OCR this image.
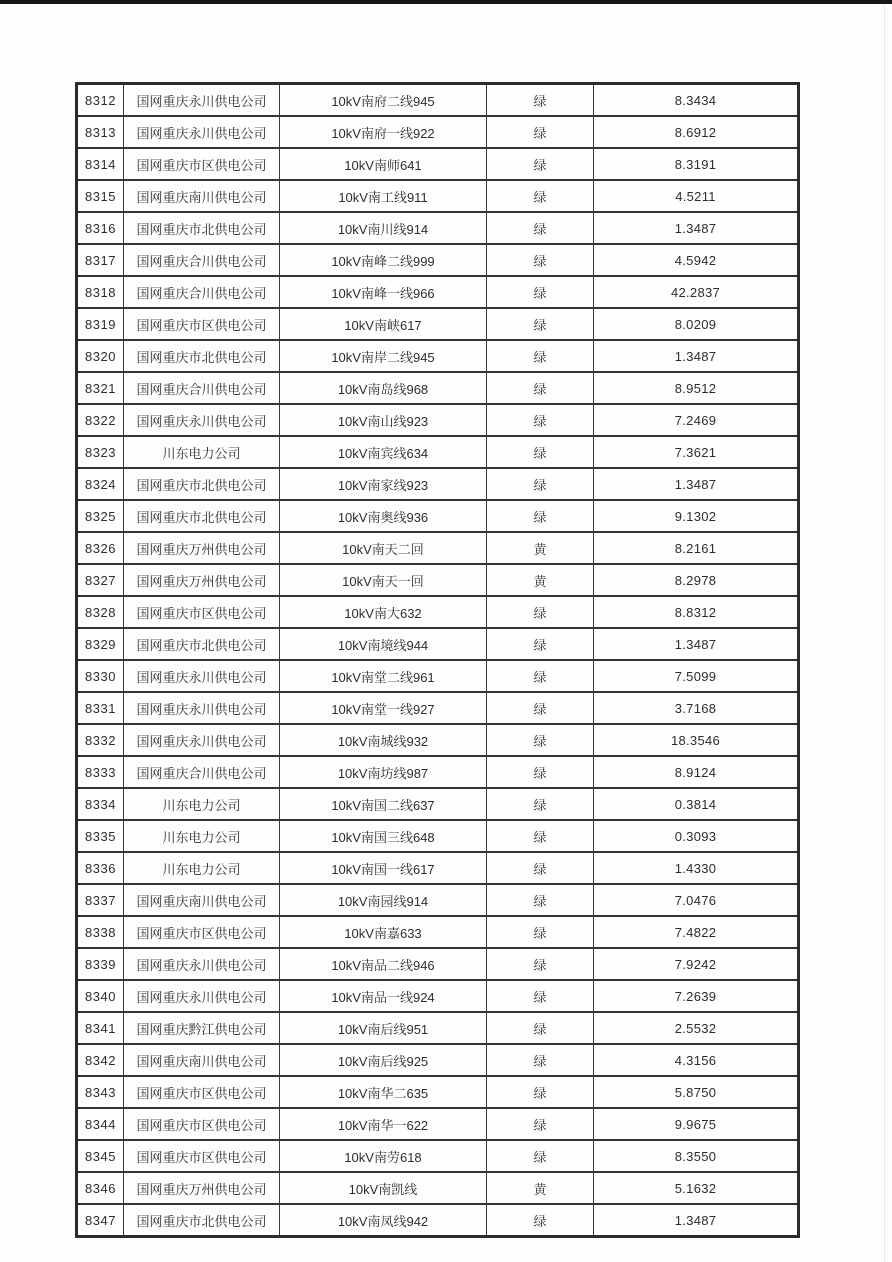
8312	国网重庆永川供电公司	10kV南府二线945	绿	8.3434
8313	国网重庆永川供电公司	10kV南府一线922	绿	8.6912
8314	国网重庆市区供电公司	10kV南师641	绿	8.3191
8315	国网重庆南川供电公司	10kV南工线911	绿	4.5211
8316	国网重庆市北供电公司	10kV南川线914	绿	1.3487
8317	国网重庆合川供电公司	10kV南峰二线999	绿	4.5942
8318	国网重庆合川供电公司	10kV南峰一线966	绿	42.2837
8319	国网重庆市区供电公司	10kV南峡617	绿	8.0209
8320	国网重庆市北供电公司	10kV南岸二线945	绿	1.3487
8321	国网重庆合川供电公司	10kV南岛线968	绿	8.9512
8322	国网重庆永川供电公司	10kV南山线923	绿	7.2469
8323	川东电力公司	10kV南宾线634	绿	7.3621
8324	国网重庆市北供电公司	10kV南家线923	绿	1.3487
8325	国网重庆市北供电公司	10kV南奥线936	绿	9.1302
8326	国网重庆万州供电公司	10kV南天二回	黄	8.2161
8327	国网重庆万州供电公司	10kV南天一回	黄	8.2978
8328	国网重庆市区供电公司	10kV南大632	绿	8.8312
8329	国网重庆市北供电公司	10kV南境线944	绿	1.3487
8330	国网重庆永川供电公司	10kV南堂二线961	绿	7.5099
8331	国网重庆永川供电公司	10kV南堂一线927	绿	3.7168
8332	国网重庆永川供电公司	10kV南城线932	绿	18.3546
8333	国网重庆合川供电公司	10kV南坊线987	绿	8.9124
8334	川东电力公司	10kV南国二线637	绿	0.3814
8335	川东电力公司	10kV南国三线648	绿	0.3093
8336	川东电力公司	10kV南国一线617	绿	1.4330
8337	国网重庆南川供电公司	10kV南园线914	绿	7.0476
8338	国网重庆市区供电公司	10kV南嘉633	绿	7.4822
8339	国网重庆永川供电公司	10kV南品二线946	绿	7.9242
8340	国网重庆永川供电公司	10kV南品一线924	绿	7.2639
8341	国网重庆黔江供电公司	10kV南后线951	绿	2.5532
8342	国网重庆南川供电公司	10kV南后线925	绿	4.3156
8343	国网重庆市区供电公司	10kV南华二635	绿	5.8750
8344	国网重庆市区供电公司	10kV南华一622	绿	9.9675
8345	国网重庆市区供电公司	10kV南劳618	绿	8.3550
8346	国网重庆万州供电公司	10kV南凯线	黄	5.1632
8347	国网重庆市北供电公司	10kV南凤线942	绿	1.3487
